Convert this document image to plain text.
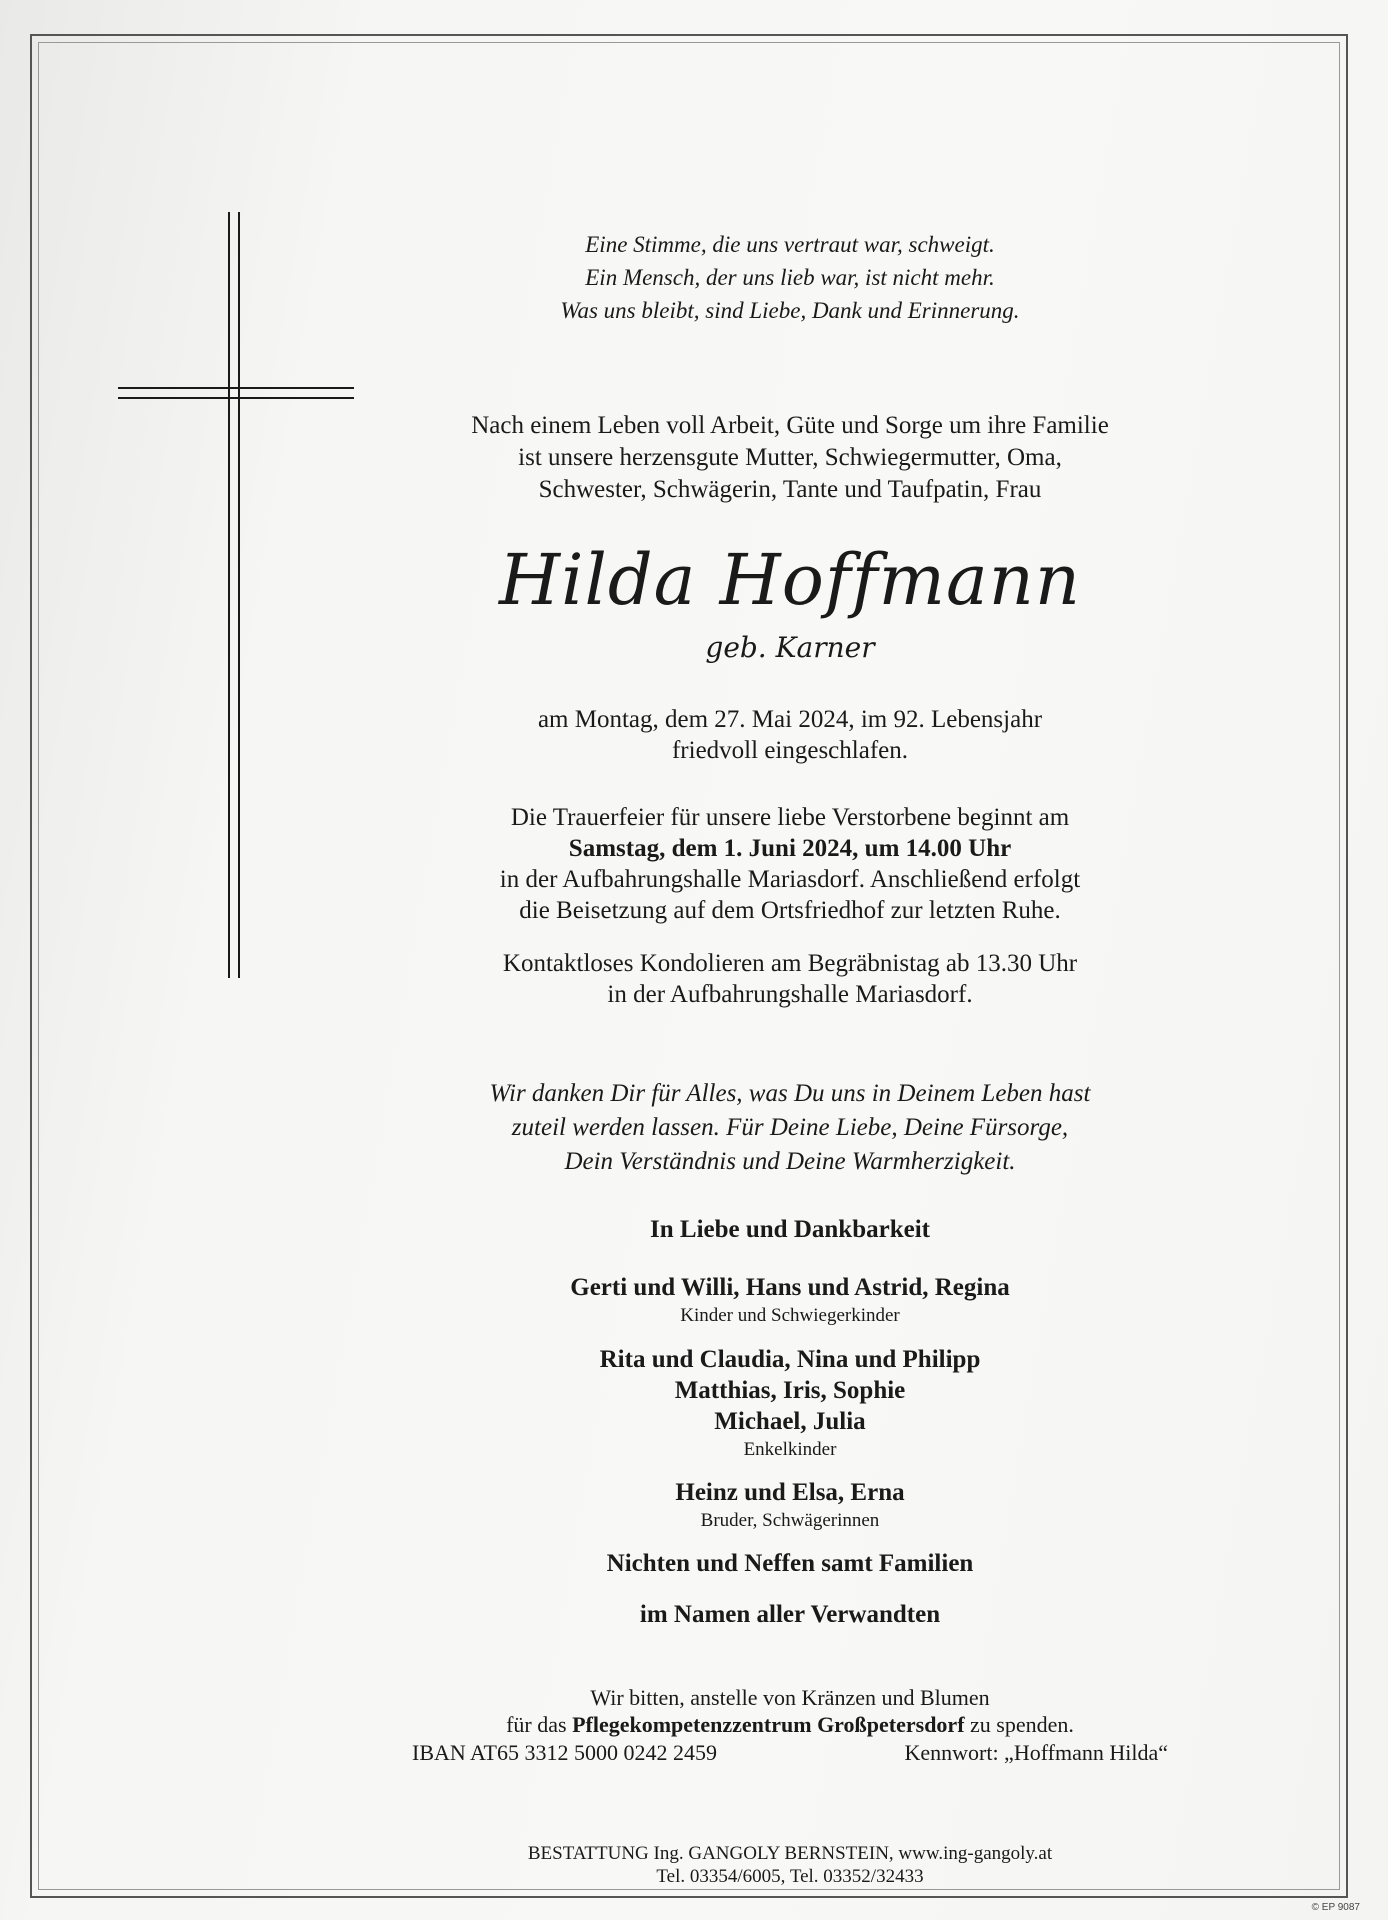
Eine Stimme, die uns vertraut war, schweigt.
Ein Mensch, der uns lieb war, ist nicht mehr.
Was uns bleibt, sind Liebe, Dank und Erinnerung.
Nach einem Leben voll Arbeit, Güte und Sorge um ihre Familie
ist unsere herzensgute Mutter, Schwiegermutter, Oma,
Schwester, Schwägerin, Tante und Taufpatin, Frau
Hilda Hoffmann
geb. Karner
am Montag, dem 27. Mai 2024, im 92. Lebensjahr
friedvoll eingeschlafen.
Die Trauerfeier für unsere liebe Verstorbene beginnt am
Samstag, dem 1. Juni 2024, um 14.00 Uhr
in der Aufbahrungshalle Mariasdorf. Anschließend erfolgt
die Beisetzung auf dem Ortsfriedhof zur letzten Ruhe.
Kontaktloses Kondolieren am Begräbnistag ab 13.30 Uhr
in der Aufbahrungshalle Mariasdorf.
Wir danken Dir für Alles, was Du uns in Deinem Leben hast
zuteil werden lassen. Für Deine Liebe, Deine Fürsorge,
Dein Verständnis und Deine Warmherzigkeit.
In Liebe und Dankbarkeit
Gerti und Willi, Hans und Astrid, Regina
Kinder und Schwiegerkinder
Rita und Claudia, Nina und Philipp
Matthias, Iris, Sophie
Michael, Julia
Enkelkinder
Heinz und Elsa, Erna
Bruder, Schwägerinnen
Nichten und Neffen samt Familien
im Namen aller Verwandten
Wir bitten, anstelle von Kränzen und Blumen
für das Pflegekompetenzzentrum Großpetersdorf zu spenden.
IBAN AT65 3312 5000 0242 2459	Kennwort: „Hoffmann Hilda“
BESTATTUNG Ing. GANGOLY BERNSTEIN, www.ing-gangoly.at
Tel. 03354/6005, Tel. 03352/32433
© EP 9087
